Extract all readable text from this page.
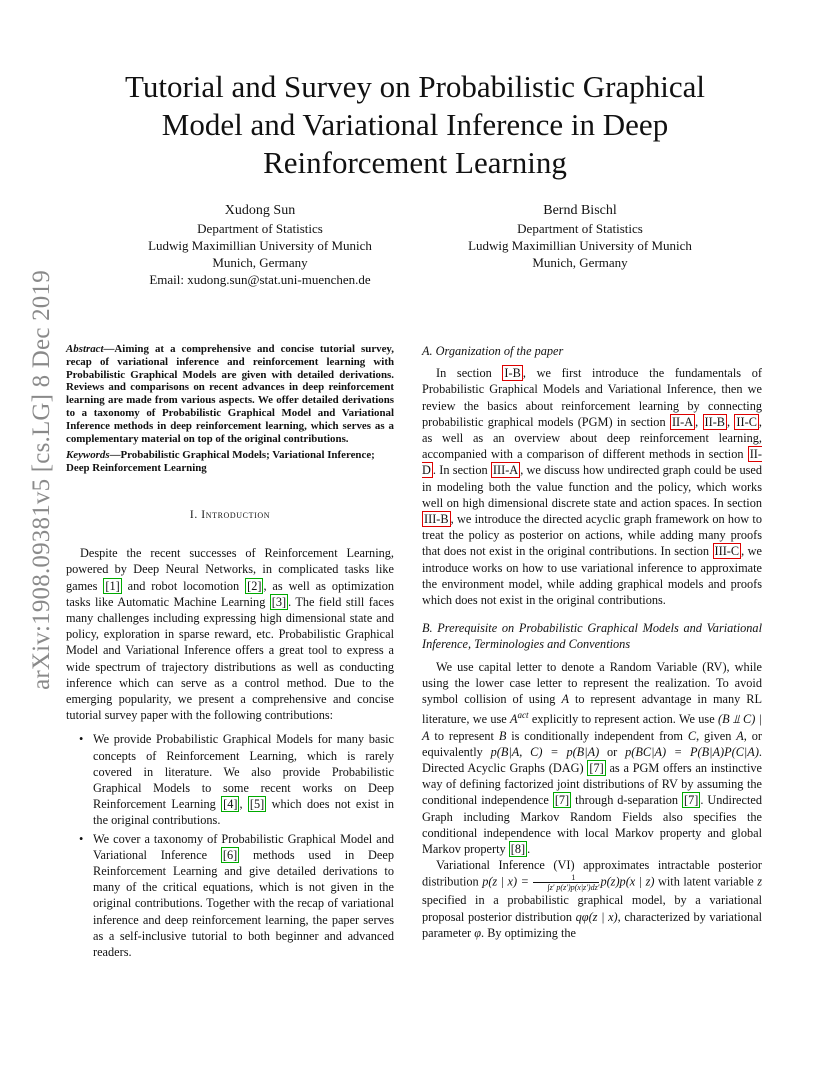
arXiv:1908.09381v5 [cs.LG] 8 Dec 2019
Tutorial and Survey on Probabilistic Graphical Model and Variational Inference in Deep Reinforcement Learning
Xudong Sun
Department of Statistics
Ludwig Maximillian University of Munich
Munich, Germany
Email: xudong.sun@stat.uni-muenchen.de
Bernd Bischl
Department of Statistics
Ludwig Maximillian University of Munich
Munich, Germany
Abstract—Aiming at a comprehensive and concise tutorial survey, recap of variational inference and reinforcement learning with Probabilistic Graphical Models are given with detailed derivations. Reviews and comparisons on recent advances in deep reinforcement learning are made from various aspects. We offer detailed derivations to a taxonomy of Probabilistic Graphical Model and Variational Inference methods in deep reinforcement learning, which serves as a complementary material on top of the original contributions.
Keywords—Probabilistic Graphical Models; Variational Inference; Deep Reinforcement Learning
I. Introduction

Despite the recent successes of Reinforcement Learning, powered by Deep Neural Networks, in complicated tasks like games [1] and robot locomotion [2] , as well as optimization tasks like Automatic Machine Learning [3] . The field still faces many challenges including expressing high dimensional state and policy, exploration in sparse reward, etc. Probabilistic Graphical Model and Variational Inference offers a great tool to express a wide spectrum of trajectory distributions as well as conducting inference which can serve as a control method. Due to the emerging popularity, we present a comprehensive and concise tutorial survey paper with the following contributions:

• We provide Probabilistic Graphical Models for many basic concepts of Reinforcement Learning, which is rarely covered in literature. We also provide Probabilistic Graphical Models to some recent works on Deep Reinforcement Learning [4] , [5] which does not exist in the original contributions.
• We cover a taxonomy of Probabilistic Graphical Model and Variational Inference [6] methods used in Deep Reinforcement Learning and give detailed derivations to many of the critical equations, which is not given in the original contributions. Together with the recap of variational inference and deep reinforcement learning, the paper serves as a self-inclusive tutorial to both beginner and advanced readers.
A. Organization of the paper

In section I-B , we first introduce the fundamentals of Probabilistic Graphical Models and Variational Inference, then we review the basics about reinforcement learning by connecting probabilistic graphical models (PGM) in section II-A , II-B , II-C , as well as an overview about deep reinforcement learning, accompanied with a comparison of different methods in section II-D . In section III-A , we discuss how undirected graph could be used in modeling both the value function and the policy, which works well on high dimensional discrete state and action spaces. In section III-B , we introduce the directed acyclic graph framework on how to treat the policy as posterior on actions, while adding many proofs that does not exist in the original contributions. In section III-C , we introduce works on how to use variational inference to approximate the environment model, while adding graphical models and proofs which does not exist in the original contributions.

B. Prerequisite on Probabilistic Graphical Models and Variational Inference, Terminologies and Conventions

We use capital letter to denote a Random Variable (RV), while using the lower case letter to represent the realization. To avoid symbol collision of using A to represent advantage in many RL literature, we use $A^{act}$ explicitly to represent action. We use (B ⫫ C) | A to represent B is conditionally independent from C, given A, or equivalently p(B|A, C) = p(B|A) or p(BC|A) = P(B|A)P(C|A). Directed Acyclic Graphs (DAG) [7] as a PGM offers an instinctive way of defining factorized joint distributions of RV by assuming the conditional independence [7] through d-separation [7] . Undirected Graph including Markov Random Fields also specifies the conditional independence with local Markov property and global Markov property [8] .

Variational Inference (VI) approximates intractable posterior distribution p(z | $x) = \frac{1}{\int z' p(z')p(x|z')dz'} p(z)p(x$ | z) with latent variable z specified in a probabilistic graphical model, by a variational proposal posterior distribution qφ(z | x), characterized by variational parameter φ. By optimizing the
